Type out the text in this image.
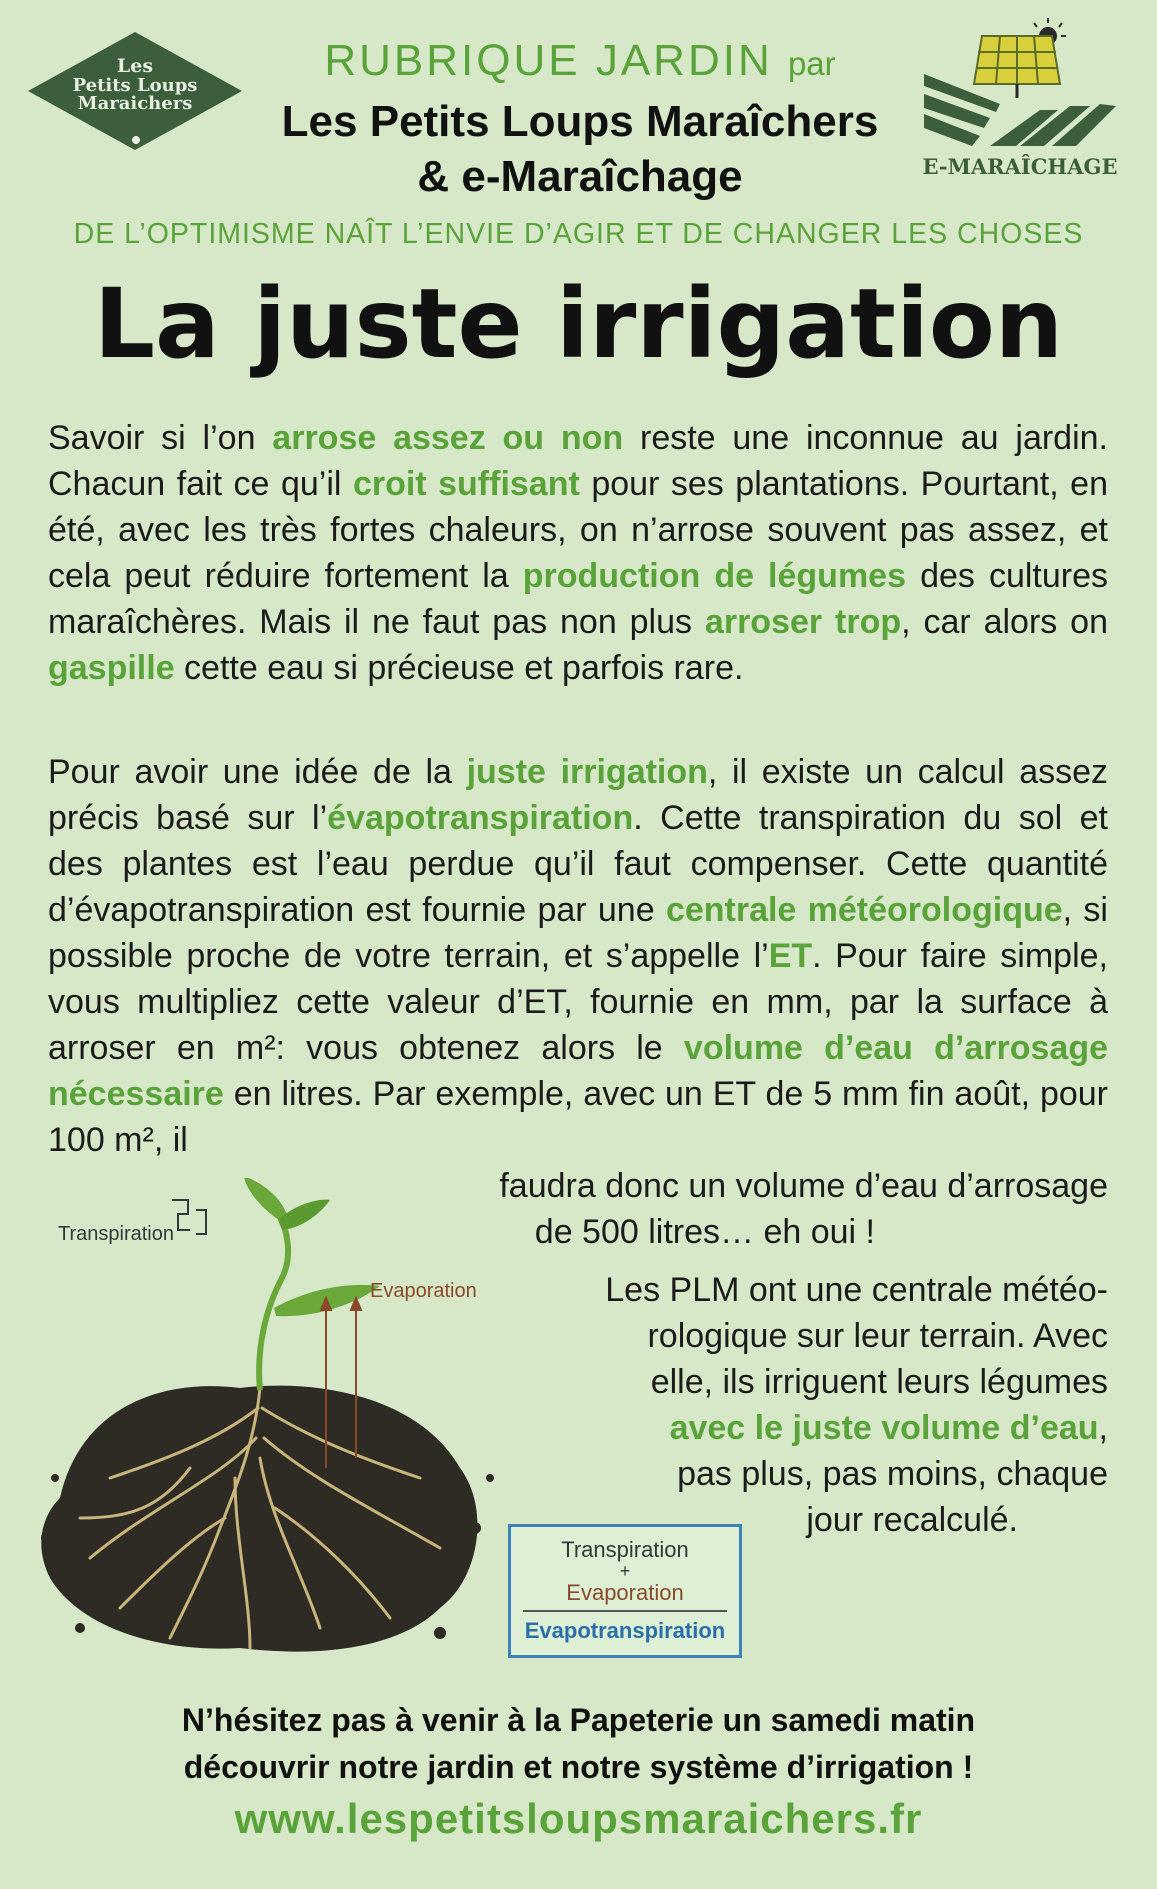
Les
Petits Loups
Maraichers
RUBRIQUE JARDIN par
Les Petits Loups Maraîchers
& e-Maraîchage	E-MARAÎCHAGE
DE L’OPTIMISME NAÎT L’ENVIE D’AGIR ET DE CHANGER LES CHOSES
La juste irrigation
Savoir si l’on arrose assez ou non reste une inconnue au jardin. Chacun fait ce qu’il croit suffisant pour ses plantations. Pourtant, en été, avec les très fortes chaleurs, on n’arrose souvent pas assez, et cela peut réduire fortement la production de légumes des cultures maraîchères. Mais il ne faut pas non plus arroser trop, car alors on gaspille cette eau si précieuse et parfois rare.
Pour avoir une idée de la juste irrigation, il existe un calcul assez précis basé sur l’évapotranspiration. Cette transpiration du sol et des plantes est l’eau perdue qu’il faut compenser. Cette quantité d’évapotranspiration est fournie par une centrale météorologique, si possible proche de votre terrain, et s’appelle l’ET. Pour faire simple, vous multipliez cette valeur d’ET, fournie en mm, par la surface à arroser en m²: vous obtenez alors le volume d’eau d’arrosage nécessaire en litres. Par exemple, avec un ET de 5 mm fin août, pour 100 m², il
faudra donc un volume d’eau d’arrosage
de 500 litres… eh oui !
Les PLM ont une centrale météo-
rologique sur leur terrain. Avec
elle, ils irriguent leurs légumes
avec le juste volume d’eau,
pas plus, pas moins, chaque
jour recalculé.
Transpiration
Evaporation
Transpiration
+
Evaporation
Evapotranspiration
N’hésitez pas à venir à la Papeterie un samedi matin
découvrir notre jardin et notre système d’irrigation !
www.lespetitsloupsmaraichers.fr
